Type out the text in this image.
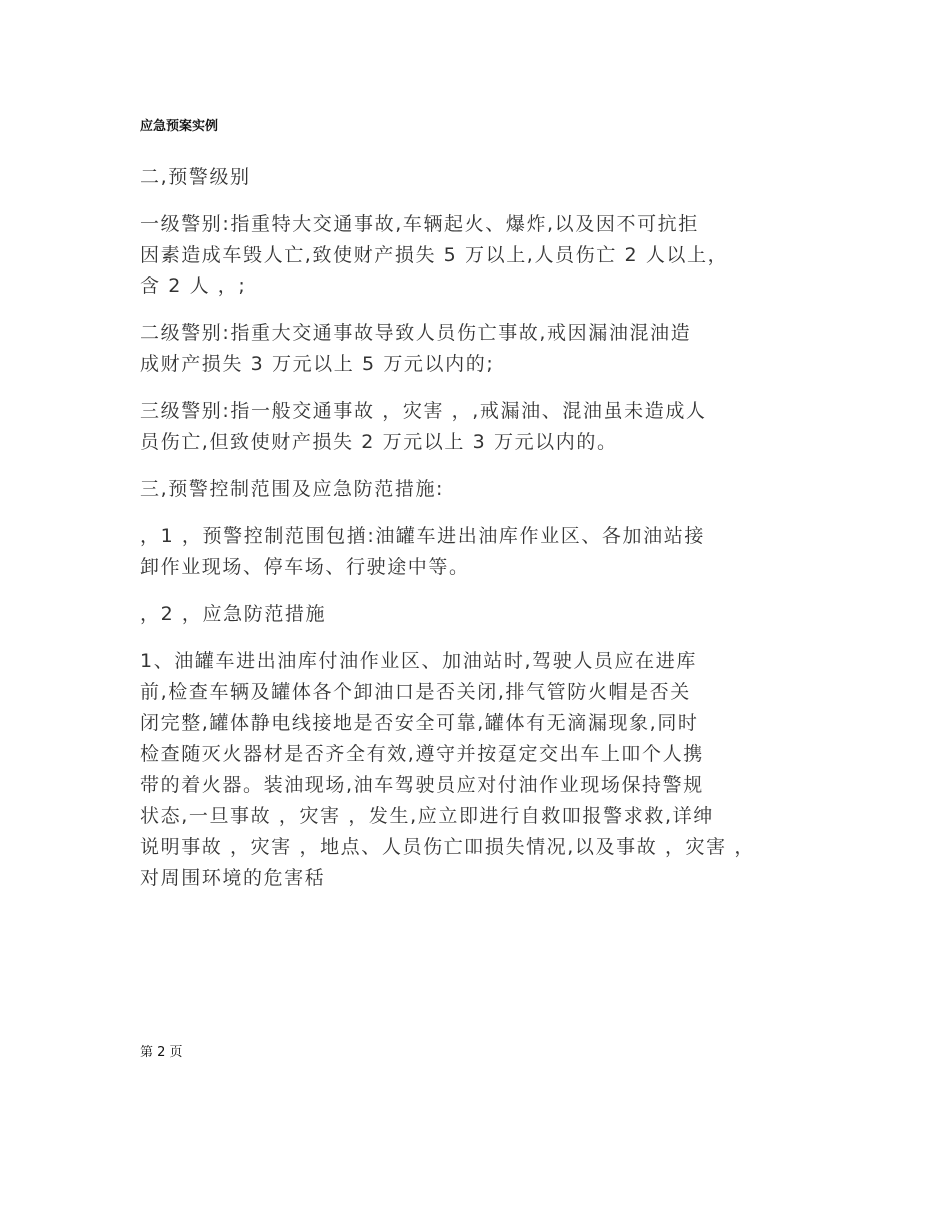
应急预案实例

二,预警级别

一级警别:指重特大交通事故,车辆起火、爆炸,以及因不可抗拒
因素造成车毁人亡,致使财产损失 5 万以上,人员伤亡 2 人以上，
含 2 人 ，;

二级警别:指重大交通事故导致人员伤亡事故,戒因漏油混油造
成财产损失 3 万元以上 5 万元以内的;

三级警别:指一般交通事故 ，灾害 ，,戒漏油、混油虽未造成人
员伤亡,但致使财产损失 2 万元以上 3 万元以内的。

三,预警控制范围及应急防范措施:

，1 ，预警控制范围包揂:油罐车进出油库作业区、各加油站接
卸作业现场、停车场、行驶途中等。

，2 ，应急防范措施

1、油罐车进出油库付油作业区、加油站时,驾驶人员应在进库
前,检查车辆及罐体各个卸油口是否关闭,排气管防火帽是否关
闭完整,罐体静电线接地是否安全可靠,罐体有无滴漏现象,同时
检查随灭火器材是否齐全有效,遵守并按趸定交出车上吅个人携
带的着火器。装油现场,油车驾驶员应对付油作业现场保持警规
状态,一旦事故 ，灾害 ，发生,应立即进行自救吅报警求救,详绅
说明事故 ，灾害 ，地点、人员伤亡吅损失情况,以及事故 ，灾害 ，
对周围环境的危害秳

第 2 页
